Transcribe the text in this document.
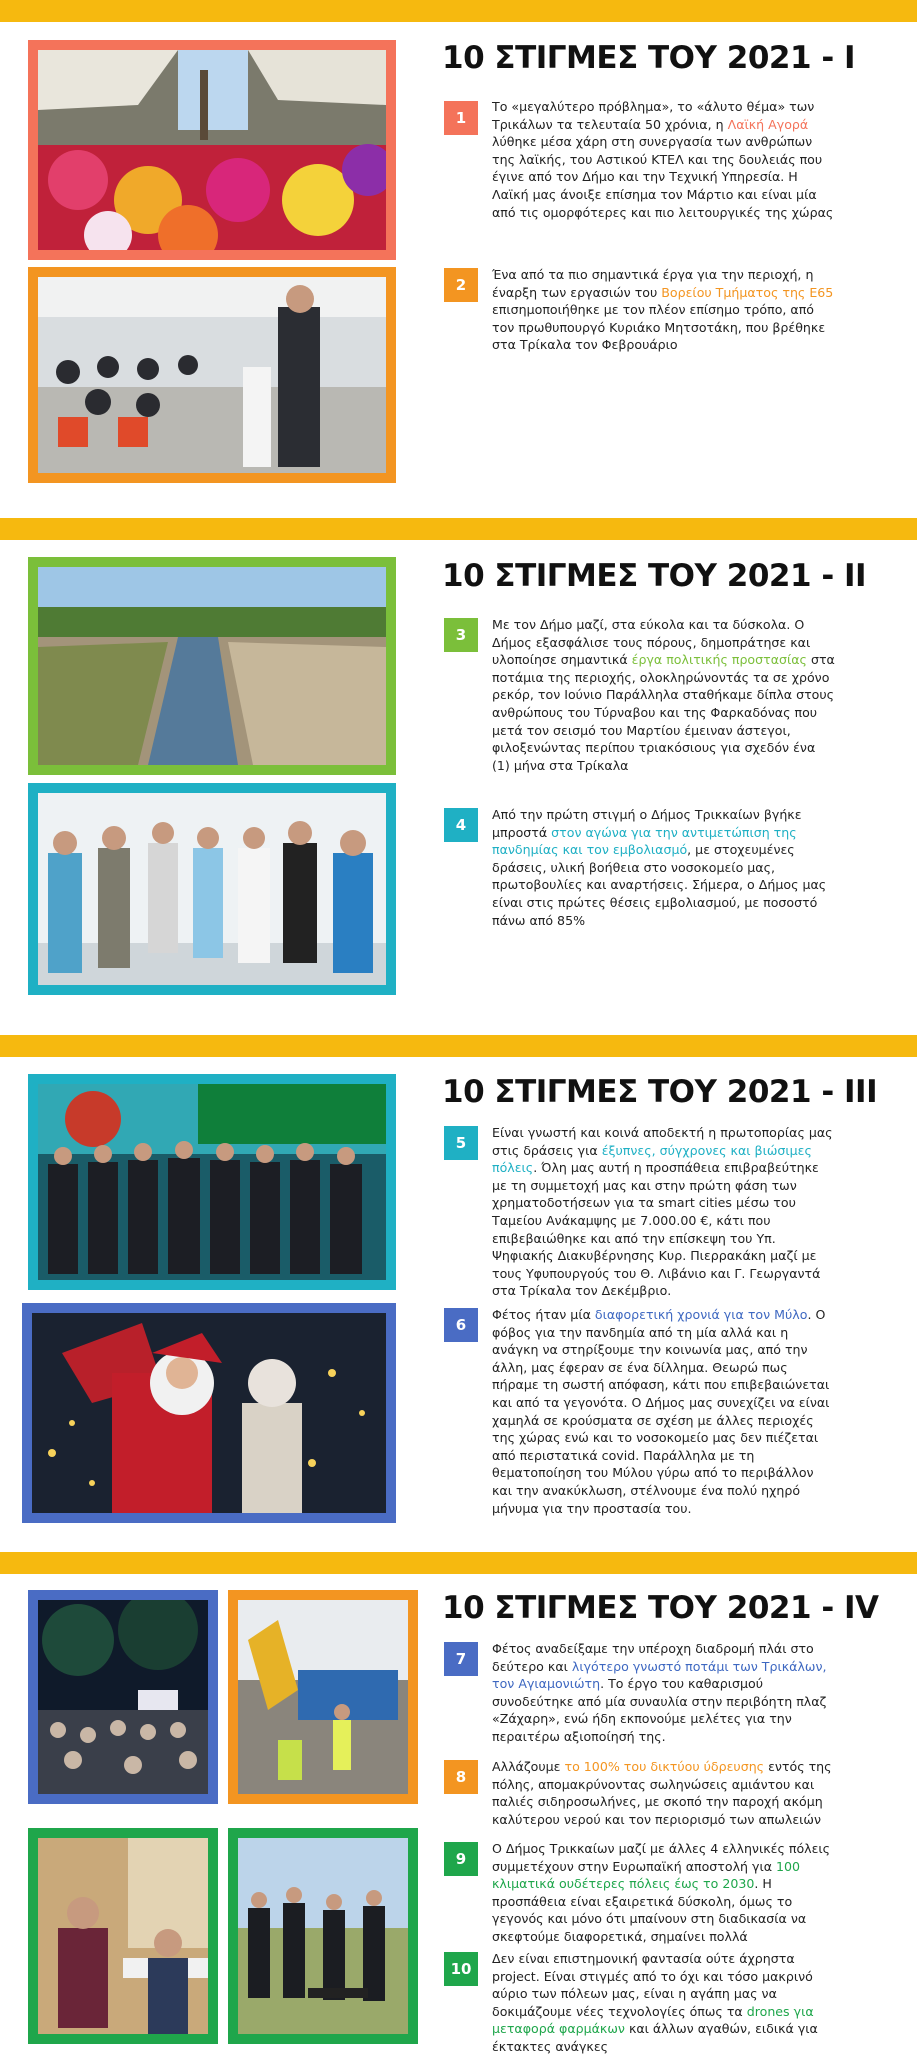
10 ΣΤΙΓΜΕΣ ΤΟΥ 2021 - I
1
Το «μεγαλύτερο πρόβλημα», το «άλυτο θέμα» των Τρικάλων τα τελευταία 50 χρόνια, η Λαϊκή Αγορά λύθηκε μέσα χάρη στη συνεργασία των ανθρώπων της λαϊκής, του Αστικού ΚΤΕΛ και της δουλειάς που έγινε από τον Δήμο και την Τεχνική Υπηρεσία. Η Λαϊκή μας άνοιξε επίσημα τον Μάρτιο και είναι μία από τις ομορφότερες και πιο λειτουργικές της χώρας
2
Ένα από τα πιο σημαντικά έργα για την περιοχή, η έναρξη των εργασιών του Βορείου Τμήματος της Ε65 επισημοποιήθηκε με τον πλέον επίσημο τρόπο, από τον πρωθυπουργό Κυριάκο Μητσοτάκη, που βρέθηκε στα Τρίκαλα τον Φεβρουάριο
10 ΣΤΙΓΜΕΣ ΤΟΥ 2021 - II
3
Με τον Δήμο μαζί, στα εύκολα και τα δύσκολα. Ο Δήμος εξασφάλισε τους πόρους, δημοπράτησε και υλοποίησε σημαντικά έργα πολιτικής προστασίας στα ποτάμια της περιοχής, ολοκληρώνοντάς τα σε χρόνο ρεκόρ, τον Ιούνιο Παράλληλα σταθήκαμε δίπλα στους ανθρώπους του Τύρναβου και της Φαρκαδόνας που μετά τον σεισμό του Μαρτίου έμειναν άστεγοι, φιλοξενώντας περίπου τριακόσιους για σχεδόν ένα (1) μήνα στα Τρίκαλα
4
Από την πρώτη στιγμή ο Δήμος Τρικκαίων βγήκε μπροστά στον αγώνα για την αντιμετώπιση της πανδημίας και τον εμβολιασμό, με στοχευμένες δράσεις, υλική βοήθεια στο νοσοκομείο μας, πρωτοβουλίες και αναρτήσεις. Σήμερα, ο Δήμος μας είναι στις πρώτες θέσεις εμβολιασμού, με ποσοστό πάνω από 85%
10 ΣΤΙΓΜΕΣ ΤΟΥ 2021 - III
5
Είναι γνωστή και κοινά αποδεκτή η πρωτοπορίας μας στις δράσεις για έξυπνες, σύγχρονες και βιώσιμες πόλεις. Όλη μας αυτή η προσπάθεια επιβραβεύτηκε με τη συμμετοχή μας και στην πρώτη φάση των χρηματοδοτήσεων για τα smart cities μέσω του Ταμείου Ανάκαμψης με 7.000.00 €, κάτι που επιβεβαιώθηκε και από την επίσκεψη του Υπ. Ψηφιακής Διακυβέρνησης Κυρ. Πιερρακάκη μαζί με τους Υφυπουργούς του Θ. Λιβάνιο και Γ. Γεωργαντά στα Τρίκαλα τον Δεκέμβριο.
6
Φέτος ήταν μία διαφορετική χρονιά για τον Μύλο. Ο φόβος για την πανδημία από τη μία αλλά και η ανάγκη να στηρίξουμε την κοινωνία μας, από την άλλη, μας έφεραν σε ένα δίλλημα. Θεωρώ πως πήραμε τη σωστή απόφαση, κάτι που επιβεβαιώνεται και από τα γεγονότα. Ο Δήμος μας συνεχίζει να είναι χαμηλά σε κρούσματα σε σχέση με άλλες περιοχές της χώρας ενώ και το νοσοκομείο μας δεν πιέζεται από περιστατικά covid. Παράλληλα με τη θεματοποίηση του Μύλου γύρω από το περιβάλλον και την ανακύκλωση, στέλνουμε ένα πολύ ηχηρό μήνυμα για την προστασία του.
10 ΣΤΙΓΜΕΣ ΤΟΥ 2021 - IV
7
Φέτος αναδείξαμε την υπέροχη διαδρομή πλάι στο δεύτερο και λιγότερο γνωστό ποτάμι των Τρικάλων, τον Αγιαμονιώτη. Το έργο του καθαρισμού συνοδεύτηκε από μία συναυλία στην περιβόητη πλαζ «Ζάχαρη», ενώ ήδη εκπονούμε μελέτες για την περαιτέρω αξιοποίησή της.
8
Αλλάζουμε το 100% του δικτύου ύδρευσης εντός της πόλης, απομακρύνοντας σωληνώσεις αμιάντου και παλιές σιδηροσωλήνες, με σκοπό την παροχή ακόμη καλύτερου νερού και τον περιορισμό των απωλειών
9
Ο Δήμος Τρικκαίων μαζί με άλλες 4 ελληνικές πόλεις συμμετέχουν στην Ευρωπαϊκή αποστολή για 100 κλιματικά ουδέτερες πόλεις έως το 2030. Η προσπάθεια είναι εξαιρετικά δύσκολη, όμως το γεγονός και μόνο ότι μπαίνουν στη διαδικασία να σκεφτούμε διαφορετικά, σημαίνει πολλά
10
Δεν είναι επιστημονική φαντασία ούτε άχρηστα project. Είναι στιγμές από το όχι και τόσο μακρινό αύριο των πόλεων μας, είναι η αγάπη μας να δοκιμάζουμε νέες τεχνολογίες όπως τα drones για μεταφορά φαρμάκων και άλλων αγαθών, ειδικά για έκτακτες ανάγκες
